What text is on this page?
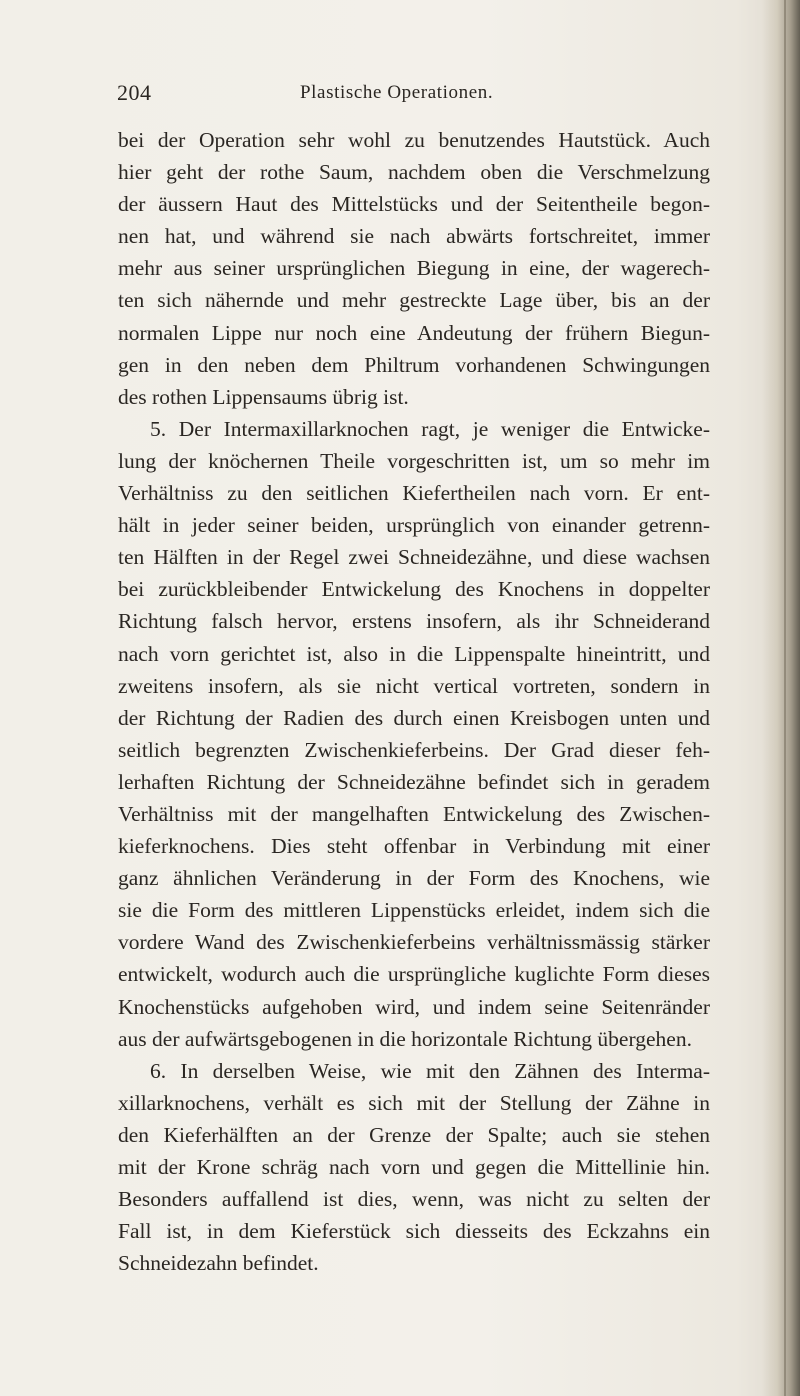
204	Plastische Operationen.
bei der Operation sehr wohl zu benutzendes Hautstück. Auch
hier geht der rothe Saum, nachdem oben die Verschmelzung
der äussern Haut des Mittelstücks und der Seitentheile begon-
nen hat, und während sie nach abwärts fortschreitet, immer
mehr aus seiner ursprünglichen Biegung in eine, der wagerech-
ten sich nähernde und mehr gestreckte Lage über, bis an der
normalen Lippe nur noch eine Andeutung der frühern Biegun-
gen in den neben dem Philtrum vorhandenen Schwingungen
des rothen Lippensaums übrig ist.
5. Der Intermaxillarknochen ragt, je weniger die Entwicke-
lung der knöchernen Theile vorgeschritten ist, um so mehr im
Verhältniss zu den seitlichen Kiefertheilen nach vorn. Er ent-
hält in jeder seiner beiden, ursprünglich von einander getrenn-
ten Hälften in der Regel zwei Schneidezähne, und diese wachsen
bei zurückbleibender Entwickelung des Knochens in doppelter
Richtung falsch hervor, erstens insofern, als ihr Schneiderand
nach vorn gerichtet ist, also in die Lippenspalte hineintritt, und
zweitens insofern, als sie nicht vertical vortreten, sondern in
der Richtung der Radien des durch einen Kreisbogen unten und
seitlich begrenzten Zwischenkieferbeins. Der Grad dieser feh-
lerhaften Richtung der Schneidezähne befindet sich in geradem
Verhältniss mit der mangelhaften Entwickelung des Zwischen-
kieferknochens. Dies steht offenbar in Verbindung mit einer
ganz ähnlichen Veränderung in der Form des Knochens, wie
sie die Form des mittleren Lippenstücks erleidet, indem sich die
vordere Wand des Zwischenkieferbeins verhältnissmässig stärker
entwickelt, wodurch auch die ursprüngliche kuglichte Form dieses
Knochenstücks aufgehoben wird, und indem seine Seitenränder
aus der aufwärtsgebogenen in die horizontale Richtung übergehen.
6. In derselben Weise, wie mit den Zähnen des Interma-
xillarknochens, verhält es sich mit der Stellung der Zähne in
den Kieferhälften an der Grenze der Spalte; auch sie stehen
mit der Krone schräg nach vorn und gegen die Mittellinie hin.
Besonders auffallend ist dies, wenn, was nicht zu selten der
Fall ist, in dem Kieferstück sich diesseits des Eckzahns ein
Schneidezahn befindet.
